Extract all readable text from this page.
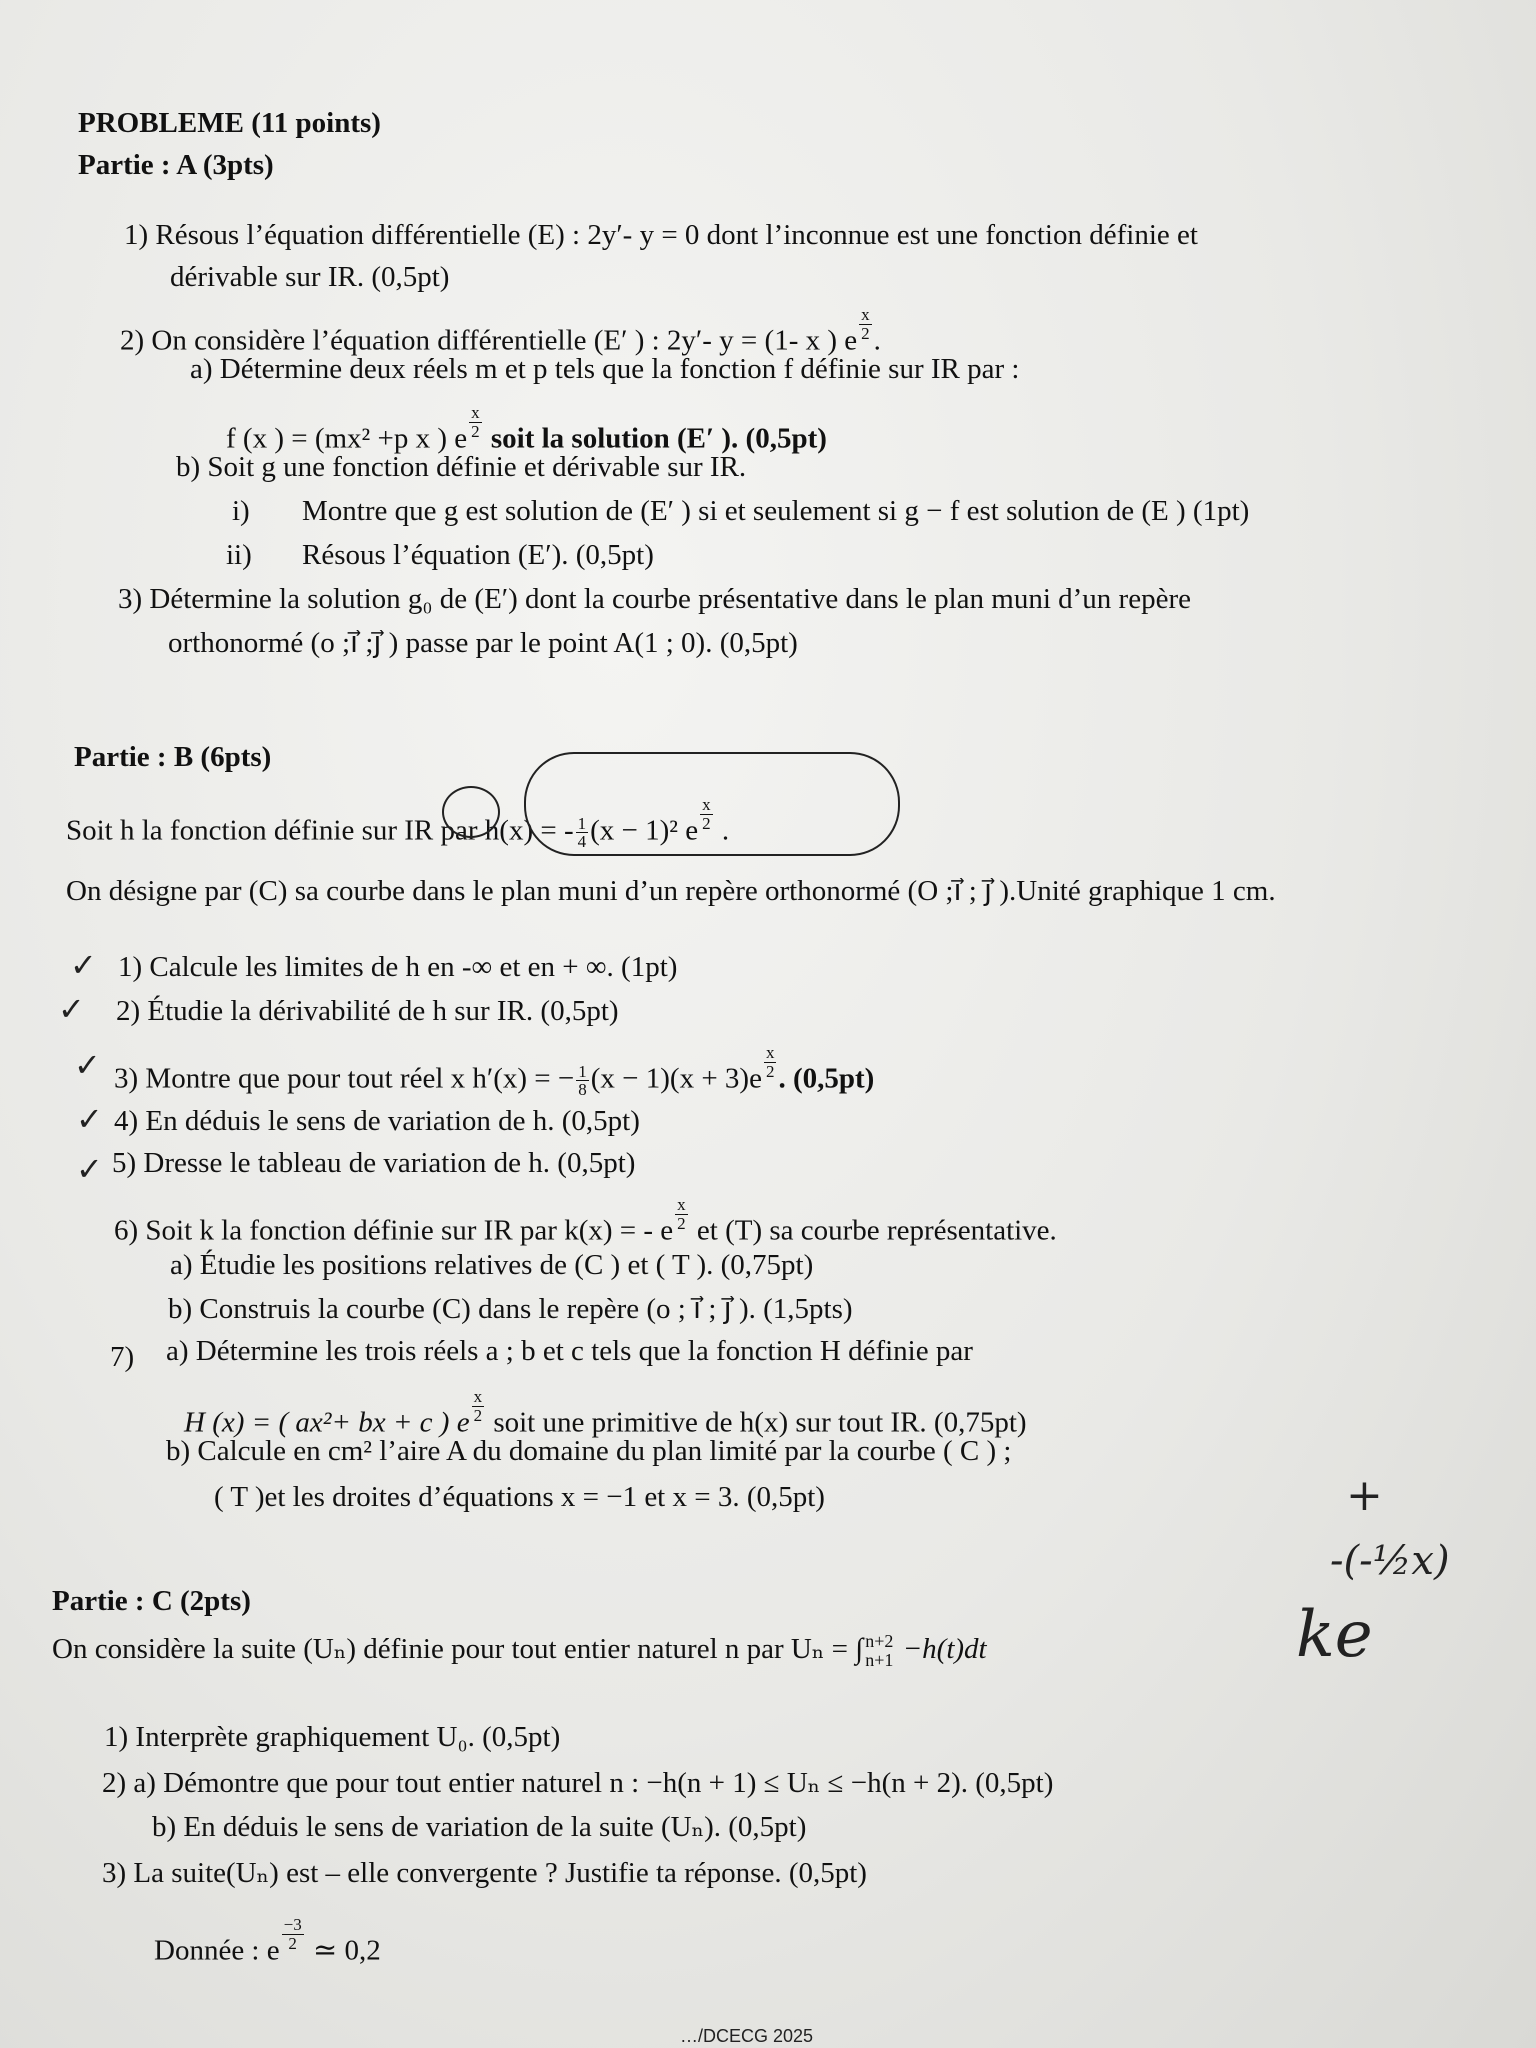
PROBLEME (11 points)
Partie : A (3pts)
1) Résous l’équation différentielle (E) : 2y′- y = 0 dont l’inconnue est une fonction définie et
dérivable sur IR. (0,5pt)
2) On considère l’équation différentielle (E′ ) : 2y′- y = (1- x ) e $\frac{x}{2}$ .
a) Détermine deux réels m et p tels que la fonction f définie sur IR par :
f (x ) = (mx² +p x ) e $\frac{x}{2}$ soit la solution (E′ ). (0,5pt)
b) Soit g une fonction définie et dérivable sur IR.
i) Montre que g est solution de (E′ ) si et seulement si g − f est solution de (E ) (1pt)
ii) Résous l’équation (E′). (0,5pt)
3) Détermine la solution g₀ de (E′) dont la courbe présentative dans le plan muni d’un repère
orthonormé (o ;i⃗ ;j⃗ ) passe par le point A(1 ; 0). (0,5pt)
Partie : B (6pts)
Soit h la fonction définie sur IR par h(x) = - $\frac{1}{4} (x - 1)^2$ e $\frac{x}{2}$ .
On désigne par (C) sa courbe dans le plan muni d’un repère orthonormé (O ;i⃗ ; j⃗ ).Unité graphique 1 cm.
✓ 1) Calcule les limites de h en -∞ et en + ∞. (1pt)
✓ 2) Étudie la dérivabilité de h sur IR. (0,5pt)
✓ 3) Montre que pour tout réel x h′(x) = − $\frac{1}{8} (x - 1)(x + 3)e \frac{x}{2}$ . (0,5pt)
✓ 4) En déduis le sens de variation de h. (0,5pt)
✓ 5) Dresse le tableau de variation de h. (0,5pt)
6) Soit k la fonction définie sur IR par k(x) = - e $\frac{x}{2}$ et (T) sa courbe représentative.
a) Étudie les positions relatives de (C ) et ( T ). (0,75pt)
b) Construis la courbe (C) dans le repère (o ; i⃗ ; j⃗ ). (1,5pts)
7) a) Détermine les trois réels a ; b et c tels que la fonction H définie par
H (x) = ( ax²+ bx + c ) e $\frac{x}{2}$ soit une primitive de h(x) sur tout IR. (0,75pt)
b) Calcule en cm² l’aire A du domaine du plan limité par la courbe ( C ) ;
( T )et les droites d’équations x = −1 et x = 3. (0,5pt)
Partie : C (2pts)
On considère la suite (Uₙ) définie pour tout entier naturel n par Uₙ = ∫ n+2
n+1 −h(t)dt
1) Interprète graphiquement U₀. (0,5pt)
2) a) Démontre que pour tout entier naturel n : −h(n + 1) ≤ Uₙ ≤ −h(n + 2). (0,5pt)
b) En déduis le sens de variation de la suite (Uₙ). (0,5pt)
3) La suite(Uₙ) est – elle convergente ? Justifie ta réponse. (0,5pt)
Donnée : e $\frac{-3}{2}$ ≃ 0,2
+
-(-½x)
ke
…/DCECG 2025
